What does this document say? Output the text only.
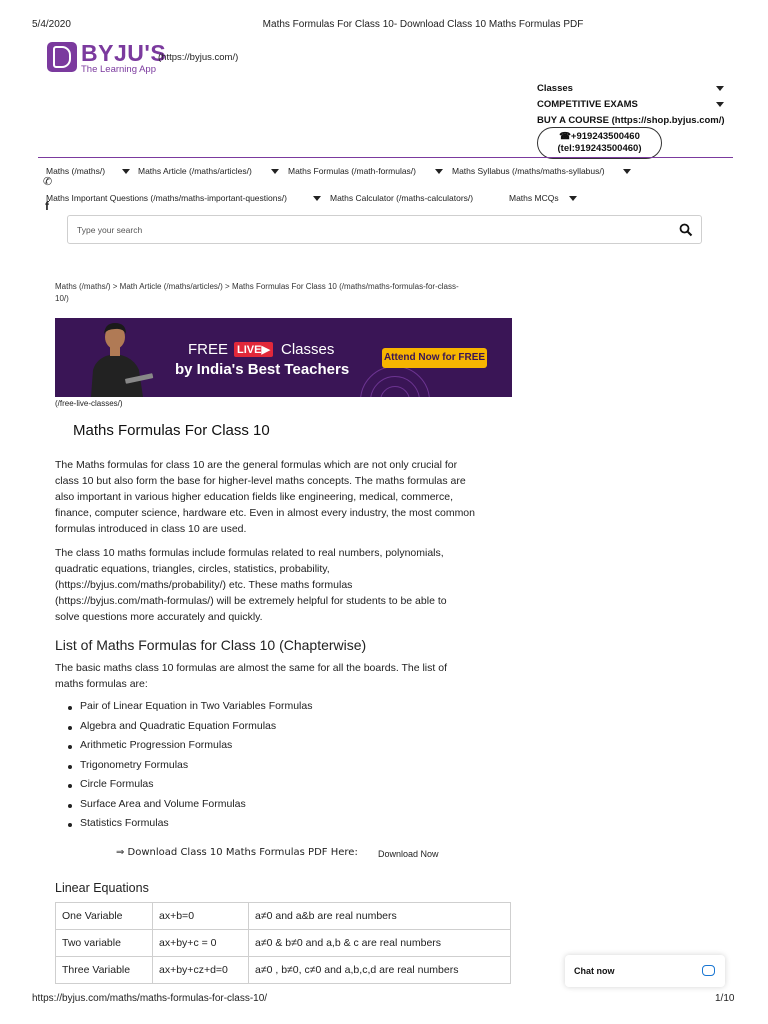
5/4/2020	Maths Formulas For Class 10- Download Class 10 Maths Formulas PDF
BYJU'S
The Learning App
(https://byjus.com/)
Classes
COMPETITIVE EXAMS
BUY A COURSE (https://shop.byjus.com/)
☎+919243500460
(tel:919243500460)
Maths (/maths/)	Maths Article (/maths/articles/)	Maths Formulas (/math-formulas/)	Maths Syllabus (/maths/maths-syllabus/)
✆
Maths Important Questions (/maths/maths-important-questions/)	Maths Calculator (/maths-calculators/)	Maths MCQs
f
Type your search
Maths (/maths/) > Math Article (/maths/articles/) > Maths Formulas For Class 10 (/maths/maths-formulas-for-class-
10/)
FREE LIVE▶ Classes
by India's Best Teachers
Attend Now for FREE
(/free-live-classes/)
Maths Formulas For Class 10
The Maths formulas for class 10 are the general formulas which are not only crucial for
class 10 but also form the base for higher-level maths concepts. The maths formulas are
also important in various higher education fields like engineering, medical, commerce,
finance, computer science, hardware etc. Even in almost every industry, the most common
formulas introduced in class 10 are used.
The class 10 maths formulas include formulas related to real numbers, polynomials,
quadratic equations, triangles, circles, statistics, probability,
(https://byjus.com/maths/probability/) etc. These maths formulas
(https://byjus.com/math-formulas/) will be extremely helpful for students to be able to
solve questions more accurately and quickly.
List of Maths Formulas for Class 10 (Chapterwise)
The basic maths class 10 formulas are almost the same for all the boards. The list of
maths formulas are:
Pair of Linear Equation in Two Variables Formulas
Algebra and Quadratic Equation Formulas
Arithmetic Progression Formulas
Trigonometry Formulas
Circle Formulas
Surface Area and Volume Formulas
Statistics Formulas
⇒ Download Class 10 Maths Formulas PDF Here: Download Now
Linear Equations
One Variable	ax+b=0	a≠0 and a&b are real numbers
Two variable	ax+by+c = 0	a≠0 & b≠0 and a,b & c are real numbers
Three Variable	ax+by+cz+d=0	a≠0 , b≠0, c≠0 and a,b,c,d are real numbers	Chat now
https://byjus.com/maths/maths-formulas-for-class-10/	1/10
